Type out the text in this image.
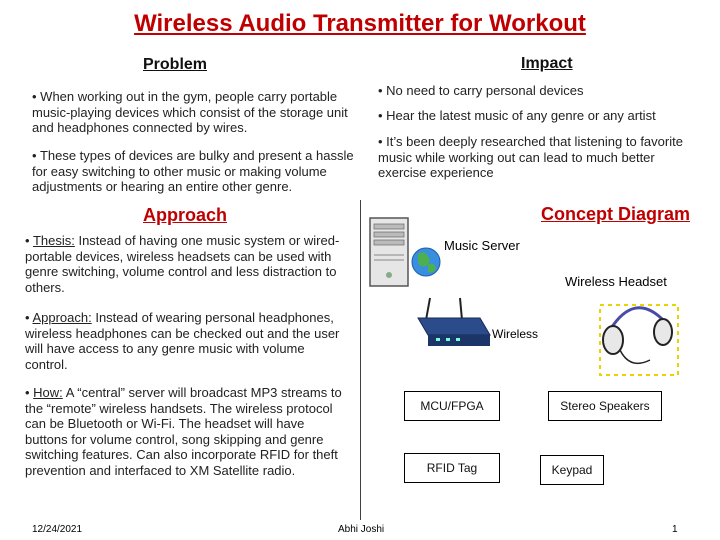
Wireless Audio Transmitter for Workout
Problem
• When working out in the gym, people carry portable music-playing devices which consist of the storage unit and headphones connected by wires.
• These types of devices are bulky and present a hassle for easy switching to other music or making volume adjustments or hearing an entire other genre.
Impact
• No need to carry personal devices
• Hear the latest music of any genre or any artist
• It’s been deeply researched that listening to favorite music while working out can lead to much better exercise experience
Approach
• Thesis: Instead of having one music system or wired-portable devices, wireless headsets can be used with genre switching, volume control and less distraction to others.
• Approach: Instead of wearing personal headphones, wireless headphones can be checked out and the user will have access to any genre music with volume control.
• How: A “central” server will broadcast MP3 streams to the “remote” wireless handsets. The wireless protocol can be Bluetooth or Wi-Fi. The headset will have buttons for volume control, song skipping and genre switching features. Can also incorporate RFID for theft prevention and interfaced to XM Satellite radio.
Concept Diagram
Music Server
Wireless Headset
Wireless
MCU/FPGA	Stereo Speakers
RFID Tag	Keypad
12/24/2021	Abhi Joshi	1
